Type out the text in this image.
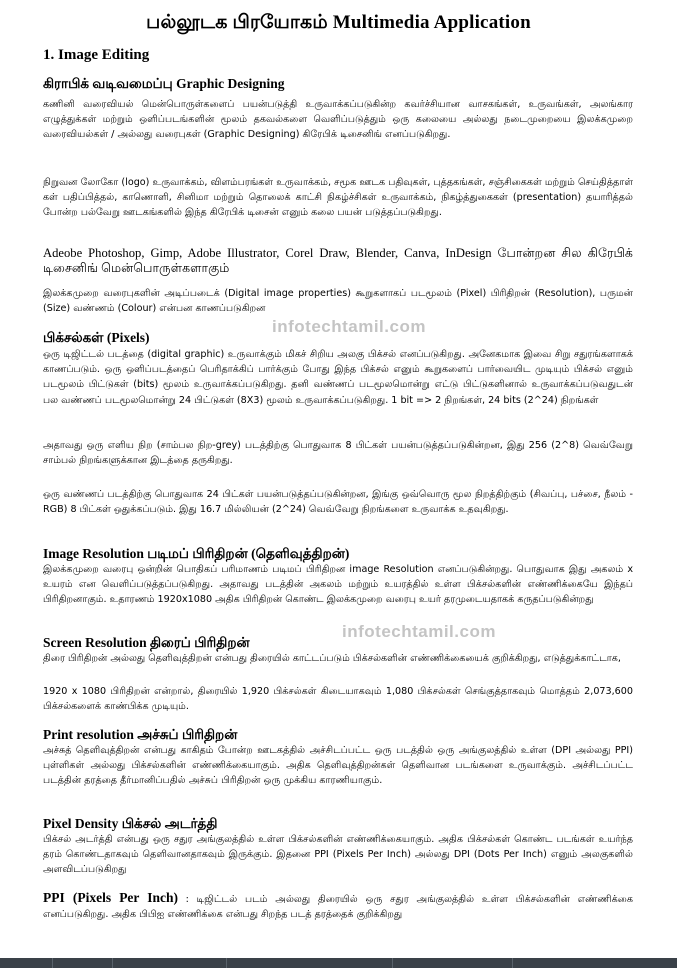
பல்லூடக பிரயோகம் Multimedia Application
1. Image Editing
கிராபிக் வடிவமைப்பு Graphic Designing

கணினி வரைவியல் மென்பொருள்களைப் பயன்படுத்தி உருவாக்கப்படுகின்ற கவர்ச்சியான வாசகங்கள், உருவங்கள், அலங்கார எழுத்துக்கள் மற்றும் ஒளிப்படங்களின் மூலம் தகவல்களை வெளிப்படுத்தும் ஒரு கலையை அல்லது நடைமுறையை இலக்கமுறை வரைவியல்கள் / அல்லது வரைபுகள் (Graphic Designing) கிரேபிக் டிசைனிங் எனப்படுகிறது.

நிறுவன லோகோ (logo) உருவாக்கம், விளம்பரங்கள் உருவாக்கம், சமூக ஊடக பதிவுகள், புத்தகங்கள், சஞ்சிகைகள் மற்றும் செய்தித்தாள் கள் பதிப்பித்தல், காணொளி, சினிமா மற்றும் தொலைக் காட்சி நிகழ்ச்சிகள் உருவாக்கம், நிகழ்த்துகைகள் (presentation) தயாரித்தல் போன்ற பல்வேறு ஊடகங்களில் இந்த கிரேபிக் டிசைன் எனும் கலை பயன் படுத்தப்படுகிறது.

Adeobe Photoshop, Gimp, Adobe Illustrator, Corel Draw, Blender, Canva, InDesign போன்றன சில கிரேபிக் டிசைனிங் மென்பொருள்களாகும்

இலக்கமுறை வரைபுகளின் அடிப்படைக் (Digital image properties) கூறுகளாகப் படமூலம் (Pixel) பிரிதிறன் (Resolution), பருமன் (Size) வண்ணம் (Colour) என்பன காணப்படுகிறன

infotechtamil.com
பிக்சல்கள் (Pixels)

ஒரு டிஜிட்டல் படத்தை (digital graphic) உருவாக்கும் மிகச் சிறிய அலகு பிக்சல் எனப்படுகிறது. அனேகமாக இவை சிறு சதுரங்களாகக் காணப்படும். ஒரு ஒளிப்படத்தைப் பெரிதாக்கிப் பார்க்கும் போது இந்த பிக்சல் எனும் கூறுகளைப் பார்வையிட முடியும் பிக்சல் எனும் படமூலம் பிட்டுகள் (bits) மூலம் உருவாக்கப்படுகிறது. தனி வண்ணப் படமூலமொன்று எட்டு பிட்டுகளினால் உருவாக்கப்படுவதுடன் பல வண்ணப் படமூலமொன்று 24 பிட்டுகள் (8X3) மூலம் உருவாக்கப்படுகிறது. 1 bit => 2 நிறங்கள், 24 bits (2^24) நிறங்கள்

அதாவது ஒரு எளிய நிற (சாம்பல நிற-grey) படத்திற்கு பொதுவாக 8 பிட்கள் பயன்படுத்தப்படுகின்றன, இது 256 (2^8) வெவ்வேறு சாம்பல் நிறங்களுக்கான இடத்தை தருகிறது.

ஒரு வண்ணப் படத்திற்கு பொதுவாக 24 பிட்கள் பயன்படுத்தப்படுகின்றன, இங்கு ஒவ்வொரு மூல நிறத்திற்கும் (சிவப்பு, பச்சை, நீலம் - RGB) 8 பிட்கள் ஒதுக்கப்படும். இது 16.7 மில்லியன் (2^24) வெவ்வேறு நிறங்களை உருவாக்க உதவுகிறது.

Image Resolution படிமப் பிரிதிறன் (தெளிவுத்திறன்)

இலக்கமுறை வரைபு ஒன்றின் பொதிகப் பரிமாணம் படிமப் பிரிதிறன image Resolution எனப்படுகின்றது. பொதுவாக இது அகலம் x உயரம் என வெளிப்படுத்தப்படுகிறது. அதாவது படத்தின் அகலம் மற்றும் உயரத்தில் உள்ள பிக்சல்களின் எண்ணிக்கையே இந்தப் பிரிதிறனாகும். உதாரணம் 1920x1080 அதிக பிரிதிறன் கொண்ட இலக்கமுறை வரைபு உயர் தரமுடையதாகக் கருதப்படுகின்றது

infotechtamil.com
Screen Resolution திரைப் பிரிதிறன்

திரை பிரிதிறன் அல்லது தெளிவுத்திறன் என்பது திரையில் காட்டப்படும் பிக்சல்களின் எண்ணிக்கையைக் குறிக்கிறது, எடுத்துக்காட்டாக,

1920 x 1080 பிரிதிறன் என்றால், திரையில் 1,920 பிக்சல்கள் கிடையாகவும் 1,080 பிக்சல்கள் செங்குத்தாகவும் மொத்தம் 2,073,600 பிக்சல்களைக் காண்பிக்க முடியும்.

Print resolution அச்சுப் பிரிதிறன்

அச்சுத் தெளிவுத்திறன் என்பது காகிதம் போன்ற ஊடகத்தில் அச்சிடப்பட்ட ஒரு படத்தில் ஒரு அங்குலத்தில் உள்ள (DPI அல்லது PPI) புள்ளிகள் அல்லது பிக்சல்களின் எண்ணிக்கையாகும். அதிக தெளிவுத்திறன்கள் தெளிவான படங்களை உருவாக்கும். அச்சிடப்பட்ட படத்தின் தரத்தை தீர்மானிப்பதில் அச்சுப் பிரிதிறன் ஒரு முக்கிய காரணியாகும்.

Pixel Density பிக்சல் அடர்த்தி

பிக்சல் அடர்த்தி என்பது ஒரு சதுர அங்குலத்தில் உள்ள பிக்சல்களின் எண்ணிக்கையாகும். அதிக பிக்சல்கள் கொண்ட படங்கள் உயர்ந்த தரம் கொண்டதாகவும் தெளிவானதாகவும் இருக்கும். இதனை PPI (Pixels Per Inch) அல்லது DPI (Dots Per Inch) எனும் அலகுகளில் அளவிடப்படுகிறது

PPI (Pixels Per Inch) : டிஜிட்டல் படம் அல்லது திரையில் ஒரு சதுர அங்குலத்தில் உள்ள பிக்சல்களின் எண்ணிக்கை எனப்படுகிறது. அதிக பிபிஐ எண்ணிக்கை என்பது சிறந்த படத் தரத்தைக் குறிக்கிறது
